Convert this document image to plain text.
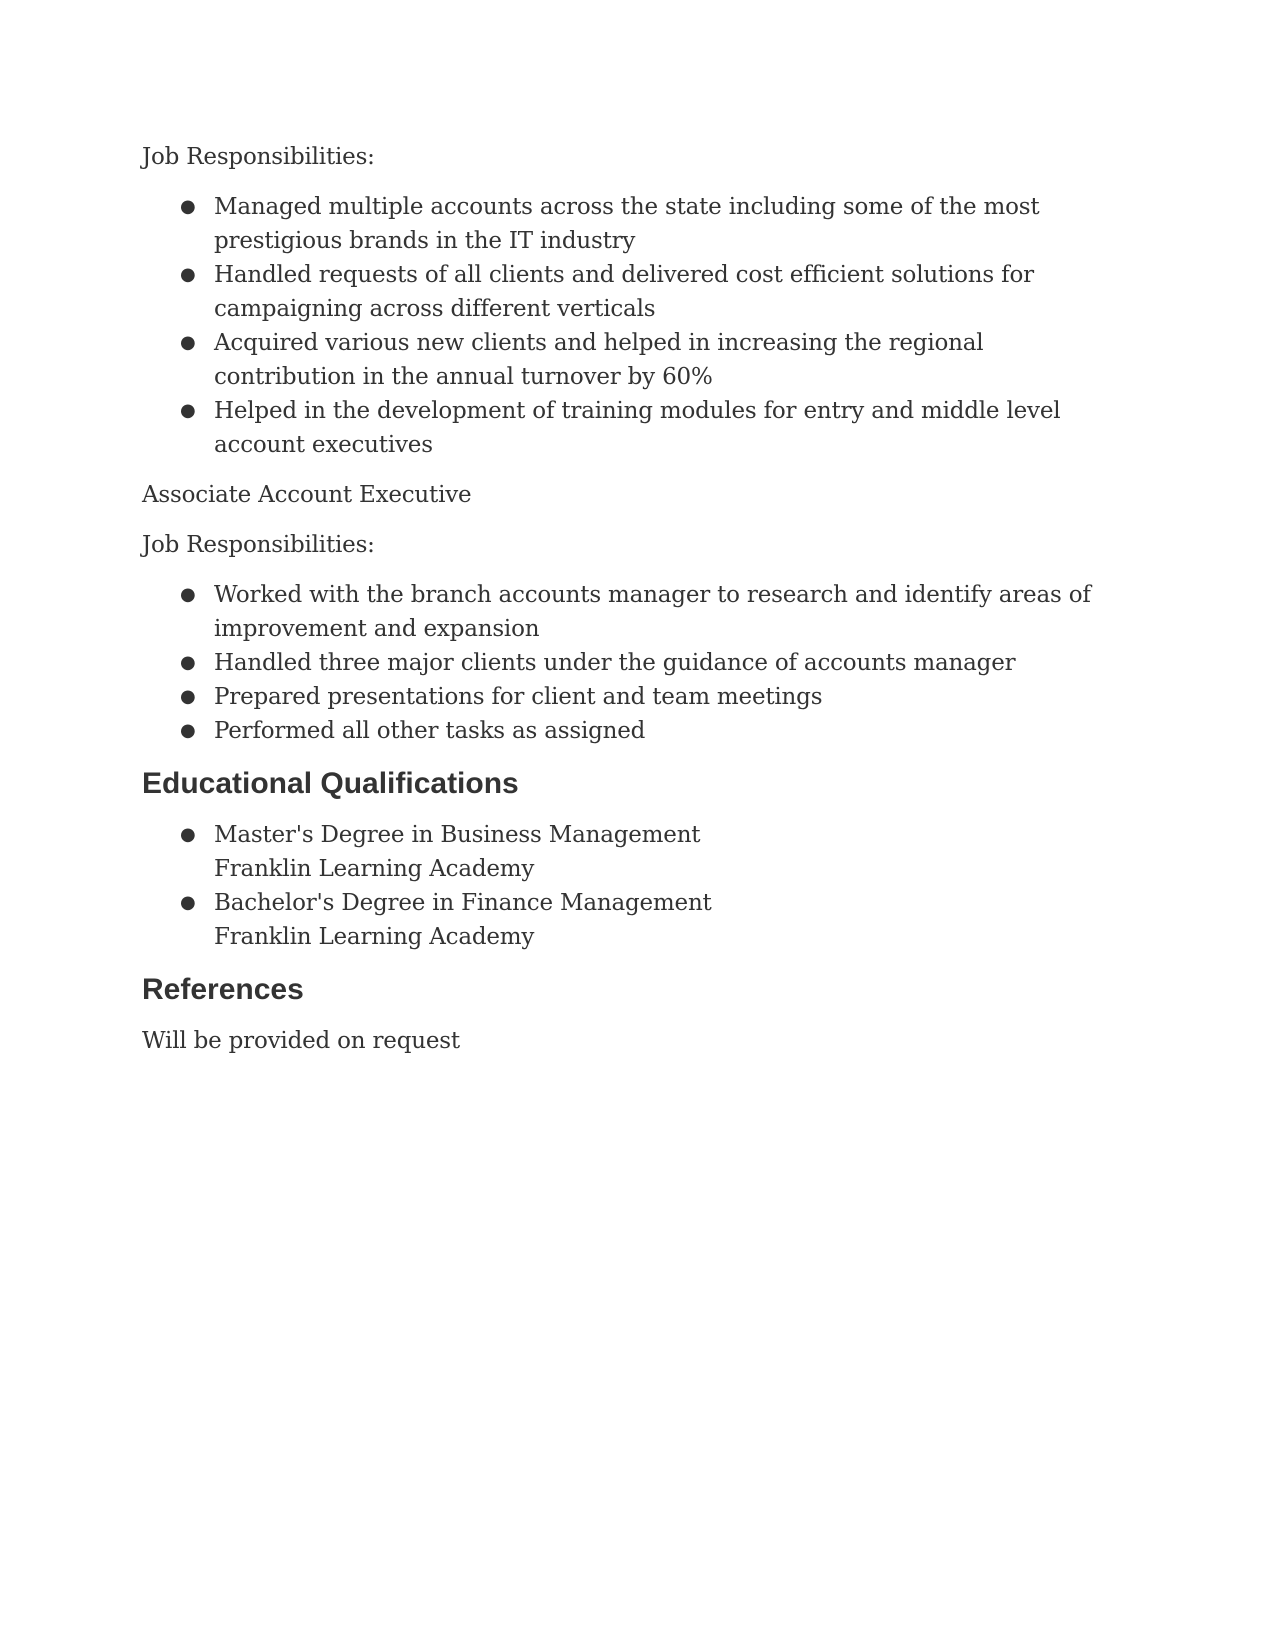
Job Responsibilities:

● Managed multiple accounts across the state including some of the most prestigious brands in the IT industry
● Handled requests of all clients and delivered cost efficient solutions for campaigning across different verticals
● Acquired various new clients and helped in increasing the regional contribution in the annual turnover by 60%
● Helped in the development of training modules for entry and middle level account executives

Associate Account Executive

Job Responsibilities:

● Worked with the branch accounts manager to research and identify areas of improvement and expansion
● Handled three major clients under the guidance of accounts manager
● Prepared presentations for client and team meetings
● Performed all other tasks as assigned
Educational Qualifications
● Master's Degree in Business Management
Franklin Learning Academy
● Bachelor's Degree in Finance Management
Franklin Learning Academy
References

Will be provided on request
